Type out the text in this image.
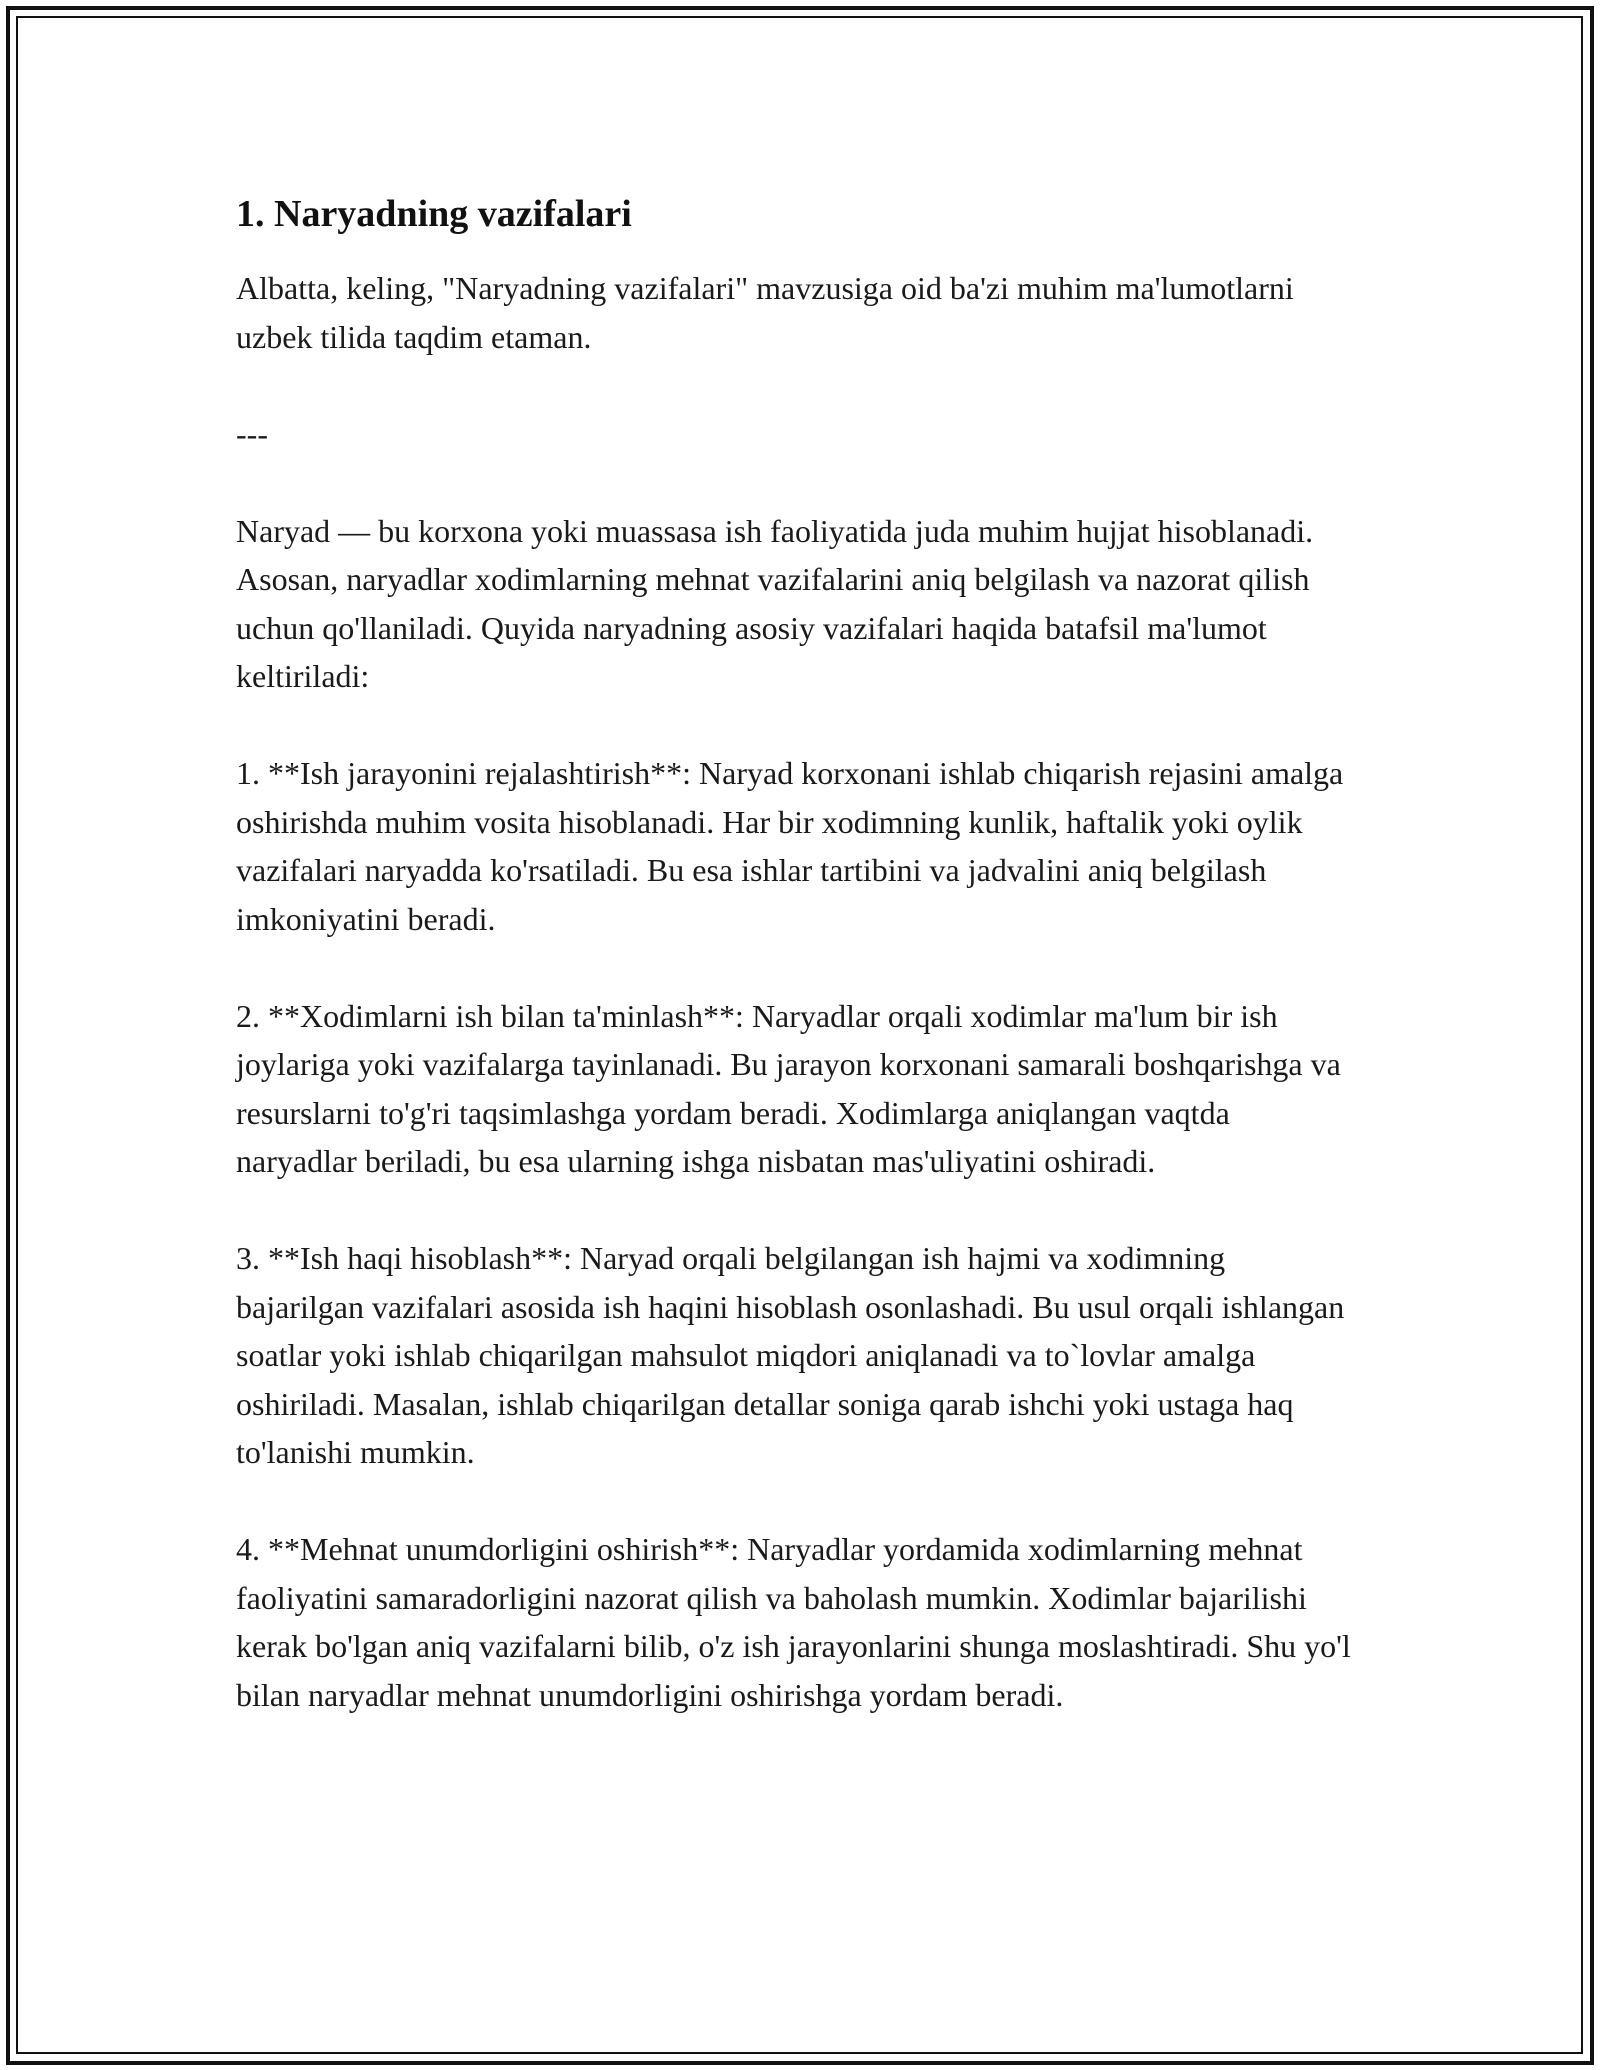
1. Naryadning vazifalari

Albatta, keling, "Naryadning vazifalari" mavzusiga oid ba'zi muhim ma'lumotlarni uzbek tilida taqdim etaman.

---

Naryad — bu korxona yoki muassasa ish faoliyatida juda muhim hujjat hisoblanadi. Asosan, naryadlar xodimlarning mehnat vazifalarini aniq belgilash va nazorat qilish uchun qo'llaniladi. Quyida naryadning asosiy vazifalari haqida batafsil ma'lumot keltiriladi:

1. **Ish jarayonini rejalashtirish**: Naryad korxonani ishlab chiqarish rejasini amalga oshirishda muhim vosita hisoblanadi. Har bir xodimning kunlik, haftalik yoki oylik vazifalari naryadda ko'rsatiladi. Bu esa ishlar tartibini va jadvalini aniq belgilash imkoniyatini beradi.

2. **Xodimlarni ish bilan ta'minlash**: Naryadlar orqali xodimlar ma'lum bir ish joylariga yoki vazifalarga tayinlanadi. Bu jarayon korxonani samarali boshqarishga va resurslarni to'g'ri taqsimlashga yordam beradi. Xodimlarga aniqlangan vaqtda naryadlar beriladi, bu esa ularning ishga nisbatan mas'uliyatini oshiradi.

3. **Ish haqi hisoblash**: Naryad orqali belgilangan ish hajmi va xodimning bajarilgan vazifalari asosida ish haqini hisoblash osonlashadi. Bu usul orqali ishlangan soatlar yoki ishlab chiqarilgan mahsulot miqdori aniqlanadi va to`lovlar amalga oshiriladi. Masalan, ishlab chiqarilgan detallar soniga qarab ishchi yoki ustaga haq to'lanishi mumkin.

4. **Mehnat unumdorligini oshirish**: Naryadlar yordamida xodimlarning mehnat faoliyatini samaradorligini nazorat qilish va baholash mumkin. Xodimlar bajarilishi kerak bo'lgan aniq vazifalarni bilib, o'z ish jarayonlarini shunga moslashtiradi. Shu yo'l bilan naryadlar mehnat unumdorligini oshirishga yordam beradi.
